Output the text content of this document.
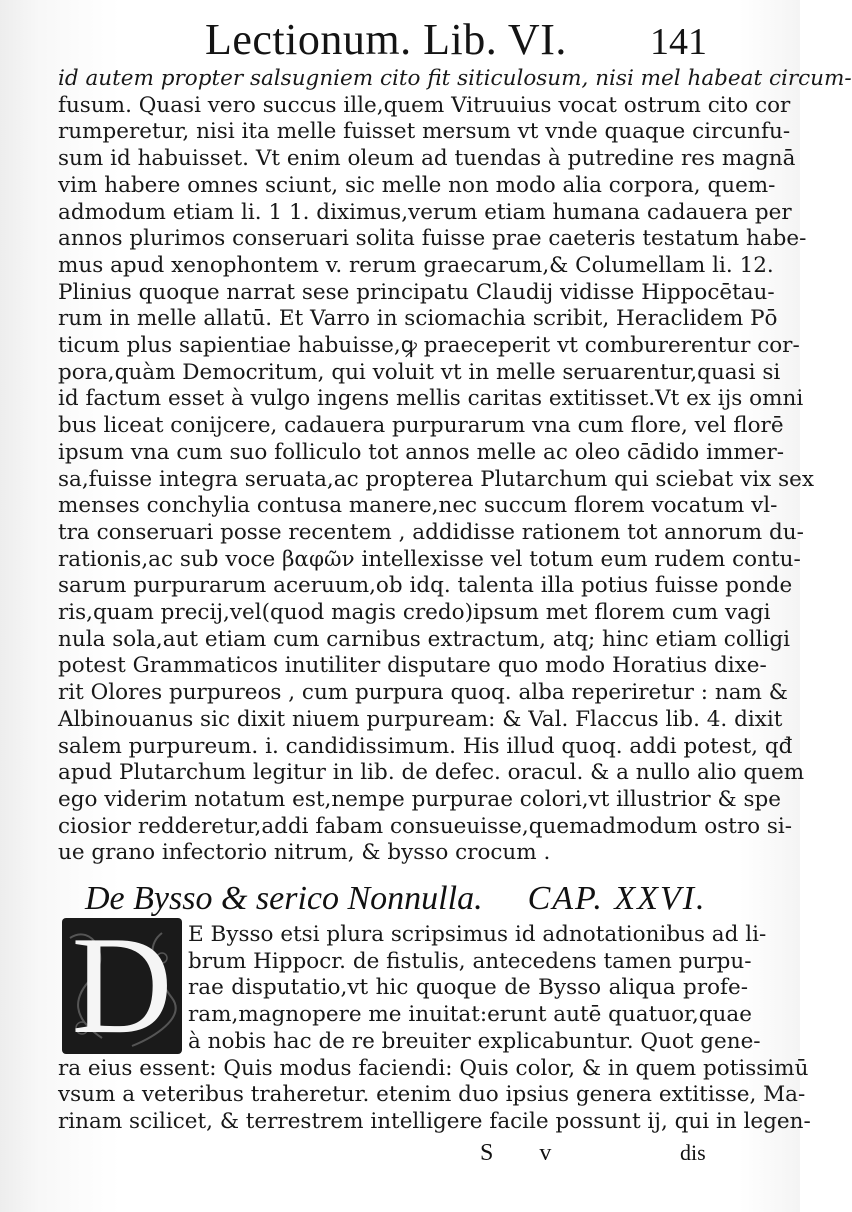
Lectionum. Lib. VI. 141
id autem propter salsugniem cito fit siticulosum, nisi mel habeat circum-
fusum. Quasi vero succus ille,quem Vitruuius vocat ostrum cito cor
rumperetur, nisi ita melle fuisset mersum vt vnde quaque circunfu-
sum id habuisset. Vt enim oleum ad tuendas à putredine res magnā
vim habere omnes sciunt, sic melle non modo alia corpora, quem-
admodum etiam li. 1 1. diximus,verum etiam humana cadauera per
annos plurimos conseruari solita fuisse prae caeteris testatum habe-
mus apud xenophontem v. rerum graecarum,& Columellam li. 12.
Plinius quoque narrat sese principatu Claudij vidisse Hippocētau-
rum in melle allatū. Et Varro in sciomachia scribit, Heraclidem Pō
ticum plus sapientiae habuisse,ꝙ praeceperit vt comburerentur cor-
pora,quàm Democritum, qui voluit vt in melle seruarentur,quasi si
id factum esset à vulgo ingens mellis caritas extitisset.Vt ex ijs omni
bus liceat conijcere, cadauera purpurarum vna cum flore, vel florē
ipsum vna cum suo folliculo tot annos melle ac oleo cādido immer-
sa,fuisse integra seruata,ac propterea Plutarchum qui sciebat vix sex
menses conchylia contusa manere,nec succum florem vocatum vl-
tra conseruari posse recentem , addidisse rationem tot annorum du-
rationis,ac sub voce βαφῶν intellexisse vel totum eum rudem contu-
sarum purpurarum aceruum,ob idq. talenta illa potius fuisse ponde
ris,quam precij,vel(quod magis credo)ipsum met florem cum vagi
nula sola,aut etiam cum carnibus extractum, atq; hinc etiam colligi
potest Grammaticos inutiliter disputare quo modo Horatius dixe-
rit Olores purpureos , cum purpura quoq. alba reperiretur : nam &
Albinouanus sic dixit niuem purpuream: & Val. Flaccus lib. 4. dixit
salem purpureum. i. candidissimum. His illud quoq. addi potest, qđ
apud Plutarchum legitur in lib. de defec. oracul. & a nullo alio quem
ego viderim notatum est,nempe purpurae colori,vt illustrior & spe
ciosior redderetur,addi fabam consueuisse,quemadmodum ostro si-
ue grano infectorio nitrum, & bysso crocum .
De Bysso & serico Nonnulla. CAP. XXVI.
D E Bysso etsi plura scripsimus id adnotationibus ad li-
brum Hippocr. de fistulis, antecedens tamen purpu-
rae disputatio,vt hic quoque de Bysso aliqua profe-
ram,magnopere me inuitat:erunt autē quatuor,quae
à nobis hac de re breuiter explicabuntur. Quot gene-
ra eius essent: Quis modus faciendi: Quis color, & in quem potissimū
vsum a veteribus traheretur. etenim duo ipsius genera extitisse, Ma-
rinam scilicet, & terrestrem intelligere facile possunt ij, qui in legen-
S v	dis
